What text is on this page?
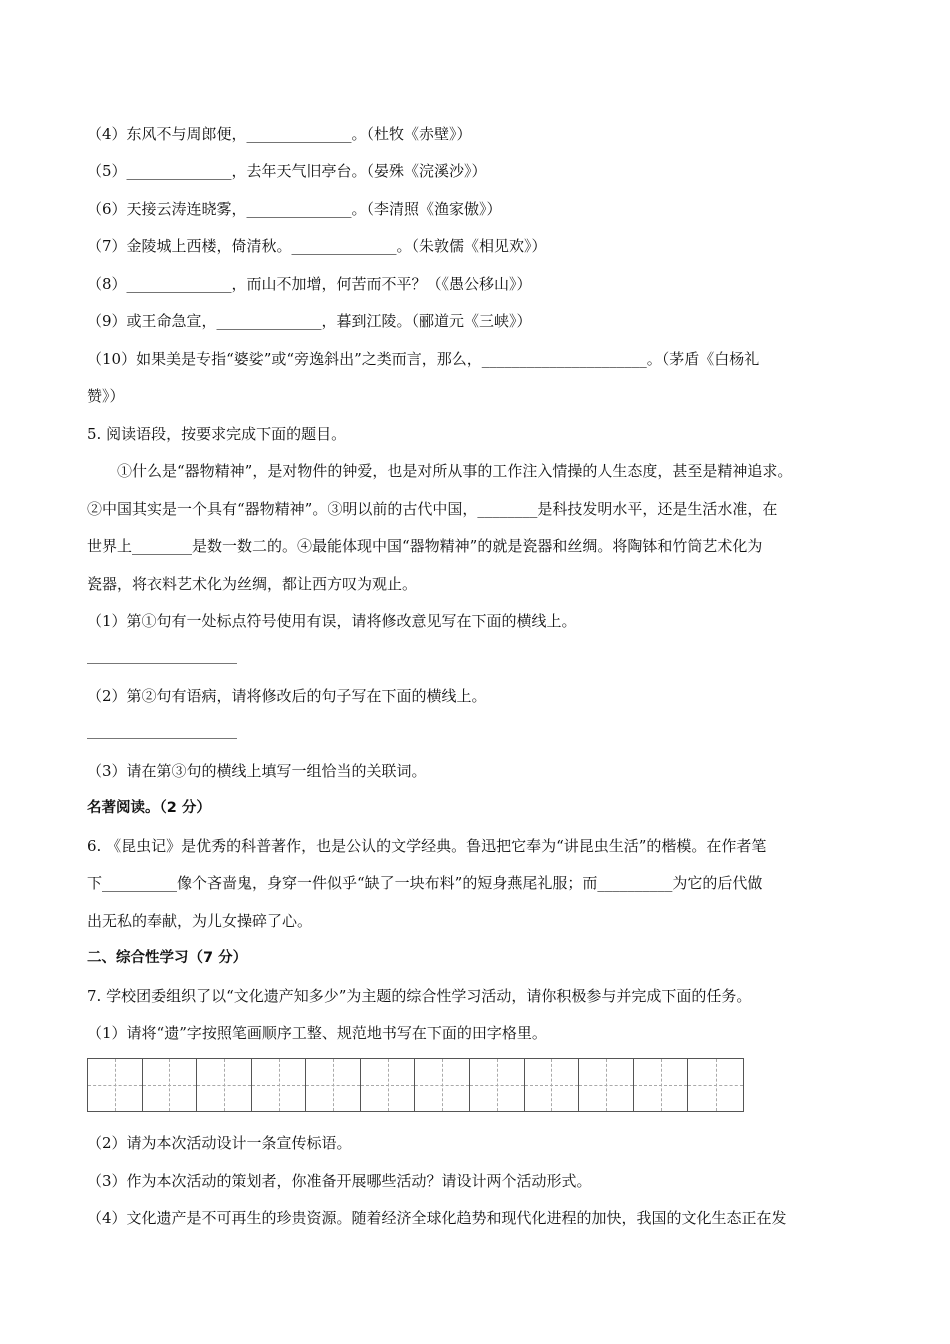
（4）东风不与周郎便，______________。（杜牧《赤壁》）
（5）______________，去年天气旧亭台。（晏殊《浣溪沙》）
（6）天接云涛连晓雾，______________。（李清照《渔家傲》）
（7）金陵城上西楼，倚清秋。______________。（朱敦儒《相见欢》）
（8）______________，而山不加增，何苦而不平？（《愚公移山》）
（9）或王命急宣，______________，暮到江陵。（郦道元《三峡》）
（10）如果美是专指“婆娑”或“旁逸斜出”之类而言，那么，______________________。（茅盾《白杨礼
赞》）
5. 阅读语段，按要求完成下面的题目。
①什么是“器物精神”，是对物件的钟爱，也是对所从事的工作注入情操的人生态度，甚至是精神追求。
②中国其实是一个具有“器物精神”。③明以前的古代中国，________是科技发明水平，还是生活水准，在
世界上________是数一数二的。④最能体现中国“器物精神”的就是瓷器和丝绸。将陶钵和竹筒艺术化为
瓷器，将衣料艺术化为丝绸，都让西方叹为观止。
（1）第①句有一处标点符号使用有误，请将修改意见写在下面的横线上。
（2）第②句有语病，请将修改后的句子写在下面的横线上。
（3）请在第③句的横线上填写一组恰当的关联词。
名著阅读。（2 分）
6. 《昆虫记》是优秀的科普著作，也是公认的文学经典。鲁迅把它奉为“讲昆虫生活”的楷模。在作者笔
下__________像个吝啬鬼，身穿一件似乎“缺了一块布料”的短身燕尾礼服；而__________为它的后代做
出无私的奉献，为儿女操碎了心。
二、综合性学习（7 分）
7. 学校团委组织了以“文化遗产知多少”为主题的综合性学习活动，请你积极参与并完成下面的任务。
（1）请将“遗”字按照笔画顺序工整、规范地书写在下面的田字格里。
（2）请为本次活动设计一条宣传标语。
（3）作为本次活动的策划者，你准备开展哪些活动？请设计两个活动形式。
（4）文化遗产是不可再生的珍贵资源。随着经济全球化趋势和现代化进程的加快，我国的文化生态正在发
